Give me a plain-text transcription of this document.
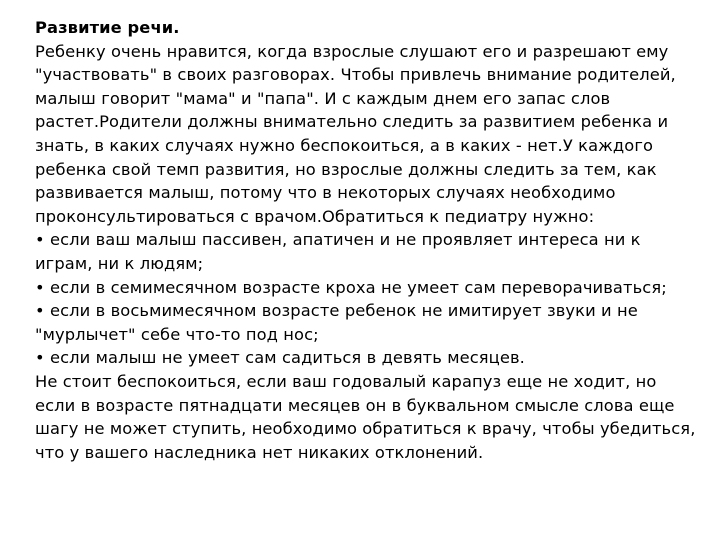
Развитие речи.
Ребенку очень нравится, когда взрослые слушают его и разрешают ему
"участвовать" в своих разговорах. Чтобы привлечь внимание родителей,
малыш говорит "мама" и "папа". И с каждым днем его запас слов
растет.Родители должны внимательно следить за развитием ребенка и
знать, в каких случаях нужно беспокоиться, а в каких - нет.У каждого
ребенка свой темп развития, но взрослые должны следить за тем, как
развивается малыш, потому что в некоторых случаях необходимо
проконсультироваться с врачом.Обратиться к педиатру нужно:
• если ваш малыш пассивен, апатичен и не проявляет интереса ни к
играм, ни к людям;
• если в семимесячном возрасте кроха не умеет сам переворачиваться;
• если в восьмимесячном возрасте ребенок не имитирует звуки и не
"мурлычет" себе что-то под нос;
• если малыш не умеет сам садиться в девять месяцев.
Не стоит беспокоиться, если ваш годовалый карапуз еще не ходит, но
если в возрасте пятнадцати месяцев он в буквальном смысле слова еще
шагу не может ступить, необходимо обратиться к врачу, чтобы убедиться,
что у вашего наследника нет никаких отклонений.
